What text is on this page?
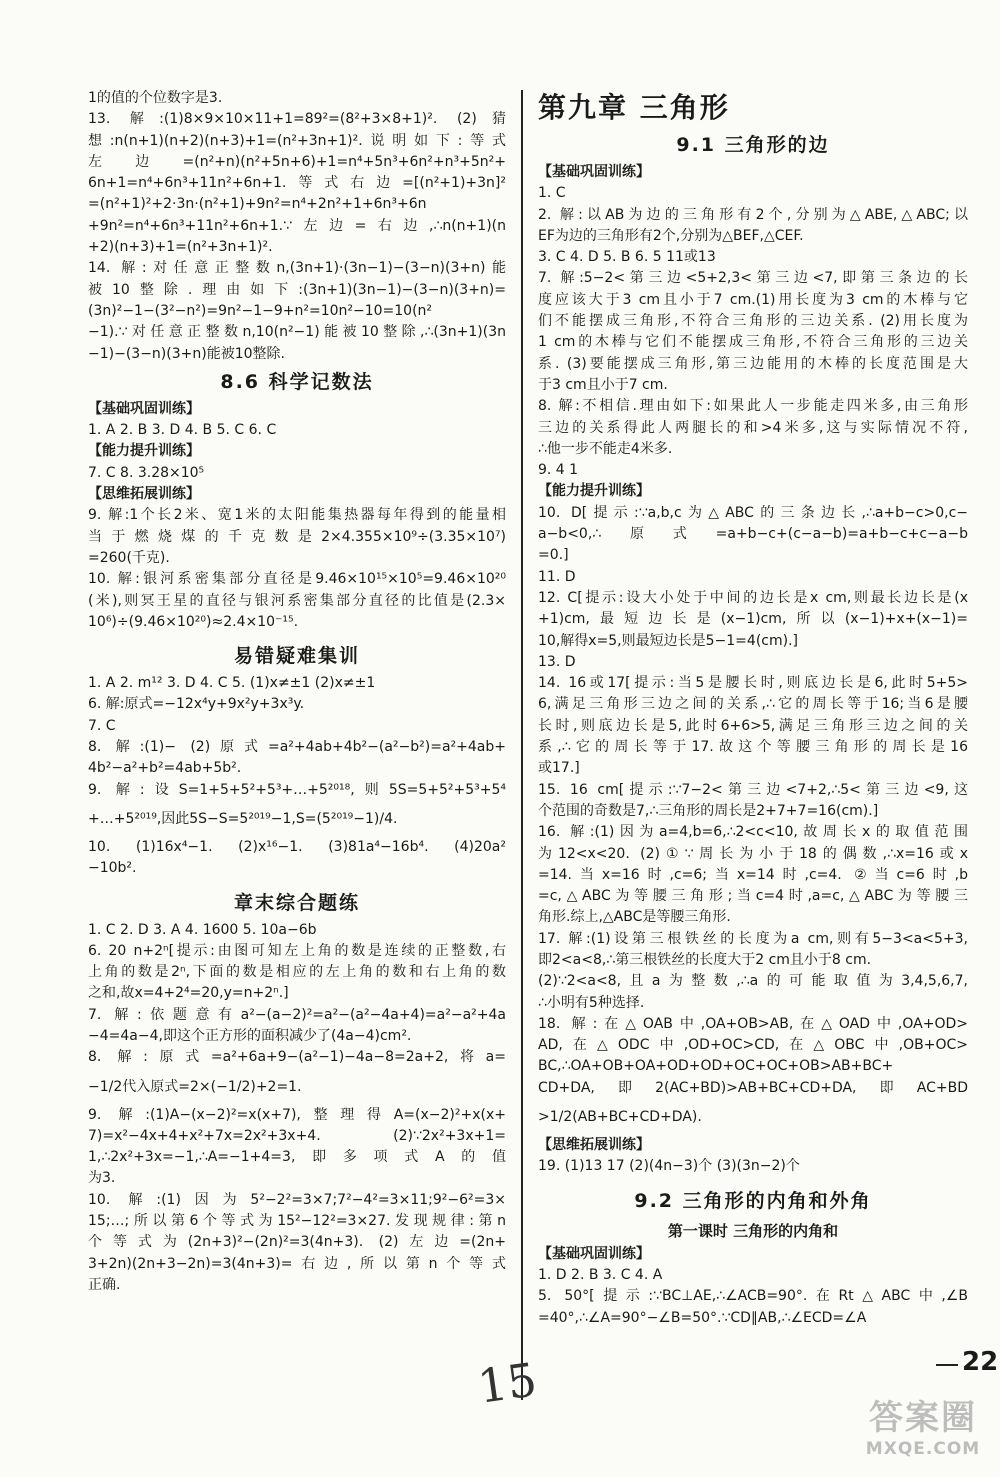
1的值的个位数字是3.
13. 解:(1)8×9×10×11+1=89²=(8²+3×8+1)². (2)猜
想:n(n+1)(n+2)(n+3)+1=(n²+3n+1)².说明如下:等式
左边=(n²+n)(n²+5n+6)+1=n⁴+5n³+6n²+n³+5n²+
6n+1=n⁴+6n³+11n²+6n+1.等式右边=[(n²+1)+3n]²
=(n²+1)²+2·3n·(n²+1)+9n²=n⁴+2n²+1+6n³+6n
+9n²=n⁴+6n³+11n²+6n+1.∵左边=右边,∴n(n+1)(n
+2)(n+3)+1=(n²+3n+1)².
14. 解:对任意正整数n,(3n+1)·(3n−1)−(3−n)(3+n)能
被10整除.理由如下:(3n+1)(3n−1)−(3−n)(3+n)=
(3n)²−1−(3²−n²)=9n²−1−9+n²=10n²−10=10(n²
−1).∵对任意正整数n,10(n²−1)能被10整除,∴(3n+1)(3n
−1)−(3−n)(3+n)能被10整除.
8.6 科学记数法
【基础巩固训练】
1. A 2. B 3. D 4. B 5. C 6. C
【能力提升训练】
7. C 8. 3.28×10⁵
【思维拓展训练】
9. 解:1个长2米、宽1米的太阳能集热器每年得到的能量相
当于燃烧煤的千克数是2×4.355×10⁹÷(3.35×10⁷)
=260(千克).
10. 解:银河系密集部分直径是9.46×10¹⁵×10⁵=9.46×10²⁰
(米),则冥王星的直径与银河系密集部分直径的比值是(2.3×
10⁶)÷(9.46×10²⁰)≈2.4×10⁻¹⁵.
易错疑难集训
1. A 2. m¹² 3. D 4. C 5. (1)x≠±1 (2)x≠±1
6. 解:原式=−12x⁴y+9x²y+3x³y.
7. C
8. 解:(1)− (2)原式=a²+4ab+4b²−(a²−b²)=a²+4ab+
4b²−a²+b²=4ab+5b².
9. 解:设S=1+5+5²+5³+…+5²⁰¹⁸,则5S=5+5²+5³+5⁴
+…+5²⁰¹⁹,因此5S−S=5²⁰¹⁹−1,S=(5²⁰¹⁹−1)/4.
10. (1)16x⁴−1. (2)x¹⁶−1. (3)81a⁴−16b⁴. (4)20a²
−10b².
章末综合题练
1. C 2. D 3. A 4. 1600 5. 10a−6b
6. 20 n+2ⁿ[提示:由图可知左上角的数是连续的正整数,右
上角的数是2ⁿ,下面的数是相应的左上角的数和右上角的数
之和,故x=4+2⁴=20,y=n+2ⁿ.]
7. 解:依题意有a²−(a−2)²=a²−(a²−4a+4)=a²−a²+4a
−4=4a−4,即这个正方形的面积减少了(4a−4)cm².
8. 解:原式=a²+6a+9−(a²−1)−4a−8=2a+2,将a=
−1/2代入原式=2×(−1/2)+2=1.
9. 解:(1)A−(x−2)²=x(x+7),整理得A=(x−2)²+x(x+
7)=x²−4x+4+x²+7x=2x²+3x+4. (2)∵2x²+3x+1=
1,∴2x²+3x=−1,∴A=−1+4=3,即多项式A的值
为3.
10. 解:(1)因为5²−2²=3×7;7²−4²=3×11;9²−6²=3×
15;…;所以第6个等式为15²−12²=3×27.发现规律:第n
个等式为(2n+3)²−(2n)²=3(4n+3). (2)左边=(2n+
3+2n)(2n+3−2n)=3(4n+3)=右边,所以第n个等式
正确.
第九章 三角形
9.1 三角形的边
【基础巩固训练】
1. C
2. 解:以AB为边的三角形有2个,分别为△ABE,△ABC;以
EF为边的三角形有2个,分别为△BEF,△CEF.
3. C 4. D 5. B 6. 5 11或13
7. 解:5−2<第三边<5+2,3<第三边<7,即第三条边的长
度应该大于3 cm且小于7 cm.(1)用长度为3 cm的木棒与它
们不能摆成三角形,不符合三角形的三边关系. (2)用长度为
1 cm的木棒与它们不能摆成三角形,不符合三角形的三边关
系. (3)要能摆成三角形,第三边能用的木棒的长度范围是大
于3 cm且小于7 cm.
8. 解:不相信.理由如下:如果此人一步能走四米多,由三角形
三边的关系得此人两腿长的和>4米多,这与实际情况不符,
∴他一步不能走4米多.
9. 4 1
【能力提升训练】
10. D[提示:∵a,b,c为△ABC的三条边长,∴a+b−c>0,c−
a−b<0,∴原式=a+b−c+(c−a−b)=a+b−c+c−a−b
=0.]
11. D
12. C[提示:设大小处于中间的边长是x cm,则最长边长是(x
+1)cm,最短边长是(x−1)cm,所以(x−1)+x+(x−1)=
10,解得x=5,则最短边长是5−1=4(cm).]
13. D
14. 16或17[提示:当5是腰长时,则底边长是6,此时5+5>
6,满足三角形三边之间的关系,∴它的周长等于16;当6是腰
长时,则底边长是5,此时6+6>5,满足三角形三边之间的关
系,∴它的周长等于17.故这个等腰三角形的周长是16
或17.]
15. 16 cm[提示:∵7−2<第三边<7+2,∴5<第三边<9,这
个范围的奇数是7,∴三角形的周长是2+7+7=16(cm).]
16. 解:(1)因为a=4,b=6,∴2<c<10,故周长x的取值范围
为12<x<20. (2)①∵周长为小于18的偶数,∴x=16或x
=14.当x=16时,c=6;当x=14时,c=4. ②当c=6时,b
=c,△ABC为等腰三角形;当c=4时,a=c,△ABC为等腰三
角形.综上,△ABC是等腰三角形.
17. 解:(1)设第三根铁丝的长度为a cm,则有5−3<a<5+3,
即2<a<8,∴第三根铁丝的长度大于2 cm且小于8 cm.
(2)∵2<a<8,且a为整数,∴a的可能取值为3,4,5,6,7,
∴小明有5种选择.
18. 解:在△OAB中,OA+OB>AB,在△OAD中,OA+OD>
AD,在△ODC中,OD+OC>CD,在△OBC中,OB+OC>
BC,∴OA+OB+OA+OD+OD+OC+OC+OB>AB+BC+
CD+DA,即2(AC+BD)>AB+BC+CD+DA,即AC+BD
>1/2(AB+BC+CD+DA).
【思维拓展训练】
19. (1)13 17 (2)(4n−3)个 (3)(3n−2)个
9.2 三角形的内角和外角
第一课时 三角形的内角和
【基础巩固训练】
1. D 2. B 3. C 4. A
5. 50°[提示:∵BC⊥AE,∴∠ACB=90°.在Rt△ABC中,∠B
=40°,∴∠A=90°−∠B=50°.∵CD∥AB,∴∠ECD=∠A
22
15
答案圈
MXQE.COM
